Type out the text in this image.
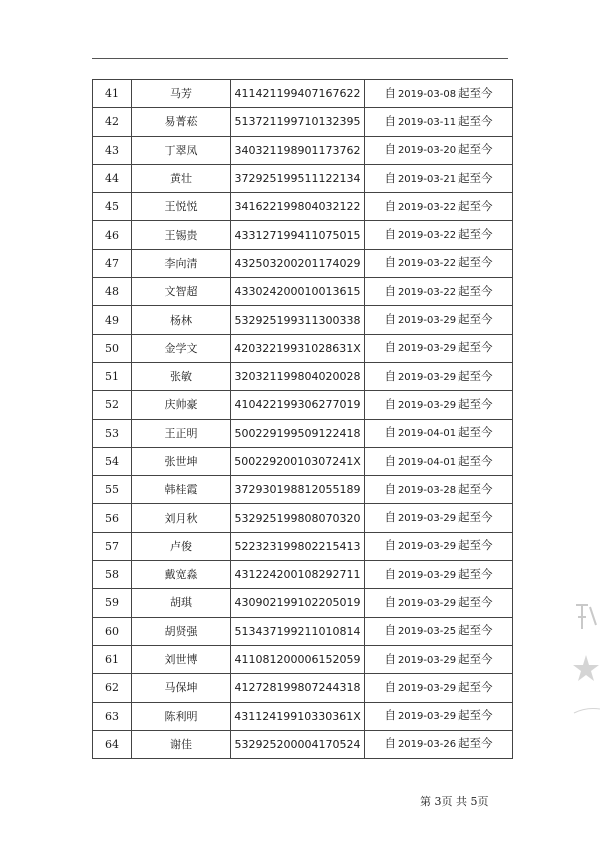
41	马芳	411421199407167622	自 2019-03-08 起至今
42	易菁菘	513721199710132395	自 2019-03-11 起至今
43	丁翠凤	340321198901173762	自 2019-03-20 起至今
44	黄壮	372925199511122134	自 2019-03-21 起至今
45	王悦悦	341622199804032122	自 2019-03-22 起至今
46	王锡贵	433127199411075015	自 2019-03-22 起至今
47	李向清	432503200201174029	自 2019-03-22 起至今
48	文智超	433024200010013615	自 2019-03-22 起至今
49	杨林	532925199311300338	自 2019-03-29 起至今
50	金学文	42032219931028631X	自 2019-03-29 起至今
51	张敏	320321199804020028	自 2019-03-29 起至今
52	庆帅豪	410422199306277019	自 2019-03-29 起至今
53	王正明	500229199509122418	自 2019-04-01 起至今
54	张世坤	50022920010307241X	自 2019-04-01 起至今
55	韩桂霞	372930198812055189	自 2019-03-28 起至今
56	刘月秋	532925199808070320	自 2019-03-29 起至今
57	卢俊	522323199802215413	自 2019-03-29 起至今
58	戴宽淼	431224200108292711	自 2019-03-29 起至今
59	胡琪	430902199102205019	自 2019-03-29 起至今
60	胡贤强	513437199211010814	自 2019-03-25 起至今
61	刘世博	411081200006152059	自 2019-03-29 起至今
62	马保坤	412728199807244318	自 2019-03-29 起至今
63	陈利明	43112419910330361X	自 2019-03-29 起至今
64	谢佳	532925200004170524	自 2019-03-26 起至今
第 3页 共 5页
